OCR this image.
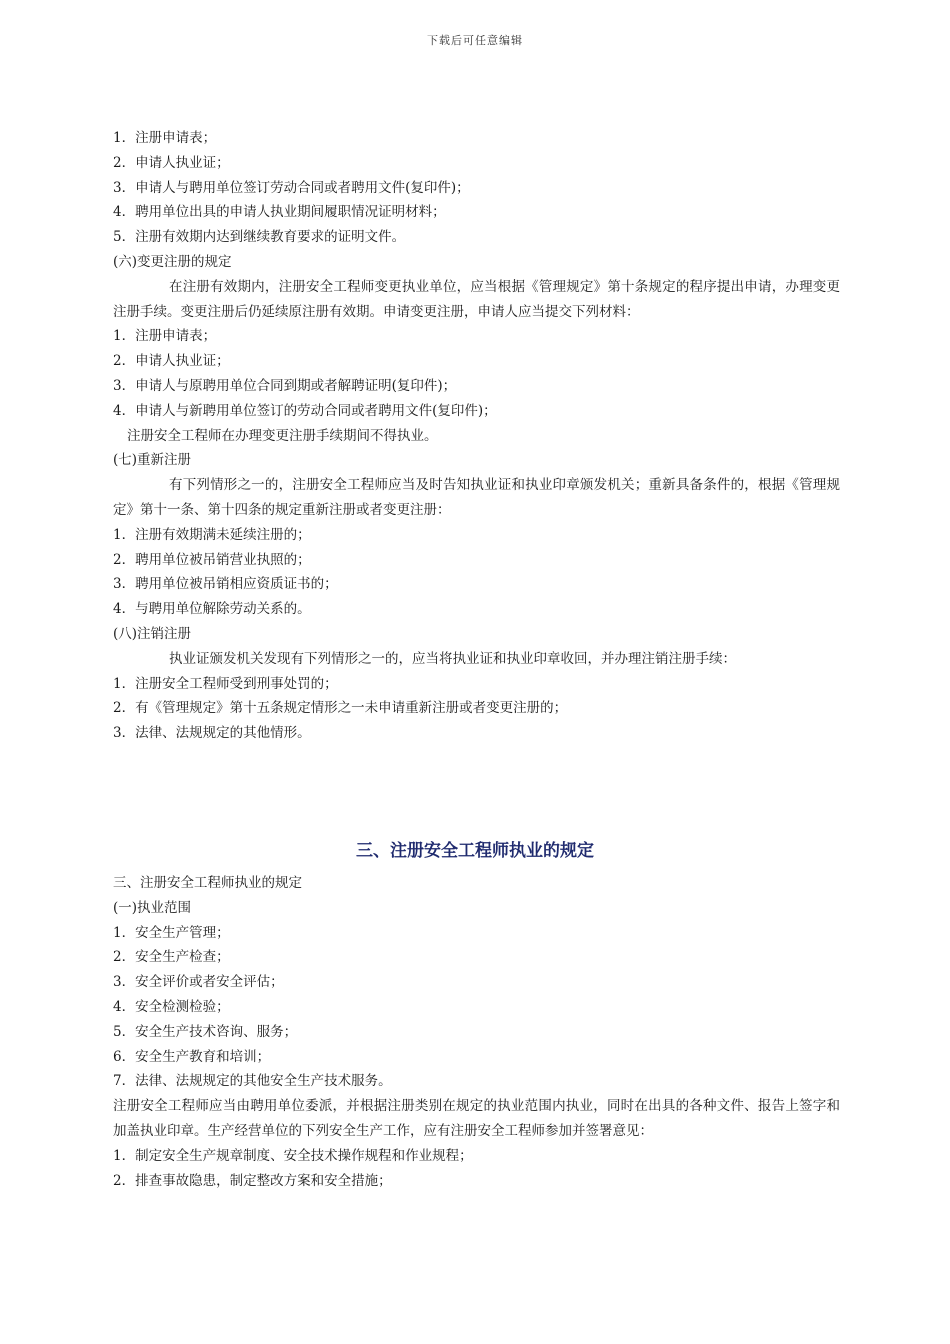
下载后可任意编辑

1．注册申请表；

2．申请人执业证；

3．申请人与聘用单位签订劳动合同或者聘用文件(复印件)；

4．聘用单位出具的申请人执业期间履职情况证明材料；

5．注册有效期内达到继续教育要求的证明文件。

(六)变更注册的规定

在注册有效期内，注册安全工程师变更执业单位，应当根据《管理规定》第十条规定的程序提出申请，办理变更注册手续。变更注册后仍延续原注册有效期。申请变更注册，申请人应当提交下列材料：

1．注册申请表；

2．申请人执业证；

3．申请人与原聘用单位合同到期或者解聘证明(复印件)；

4．申请人与新聘用单位签订的劳动合同或者聘用文件(复印件)；

注册安全工程师在办理变更注册手续期间不得执业。

(七)重新注册

有下列情形之一的，注册安全工程师应当及时告知执业证和执业印章颁发机关；重新具备条件的，根据《管理规定》第十一条、第十四条的规定重新注册或者变更注册：

1．注册有效期满未延续注册的；

2．聘用单位被吊销营业执照的；

3．聘用单位被吊销相应资质证书的；

4．与聘用单位解除劳动关系的。

(八)注销注册

执业证颁发机关发现有下列情形之一的，应当将执业证和执业印章收回，并办理注销注册手续：

1．注册安全工程师受到刑事处罚的；

2．有《管理规定》第十五条规定情形之一未申请重新注册或者变更注册的；

3．法律、法规规定的其他情形。

三、注册安全工程师执业的规定

三、注册安全工程师执业的规定

(一)执业范围

1．安全生产管理；

2．安全生产检查；

3．安全评价或者安全评估；

4．安全检测检验；

5．安全生产技术咨询、服务；

6．安全生产教育和培训；

7．法律、法规规定的其他安全生产技术服务。

注册安全工程师应当由聘用单位委派，并根据注册类别在规定的执业范围内执业，同时在出具的各种文件、报告上签字和加盖执业印章。生产经营单位的下列安全生产工作，应有注册安全工程师参加并签署意见：

1．制定安全生产规章制度、安全技术操作规程和作业规程；

2．排查事故隐患，制定整改方案和安全措施；
